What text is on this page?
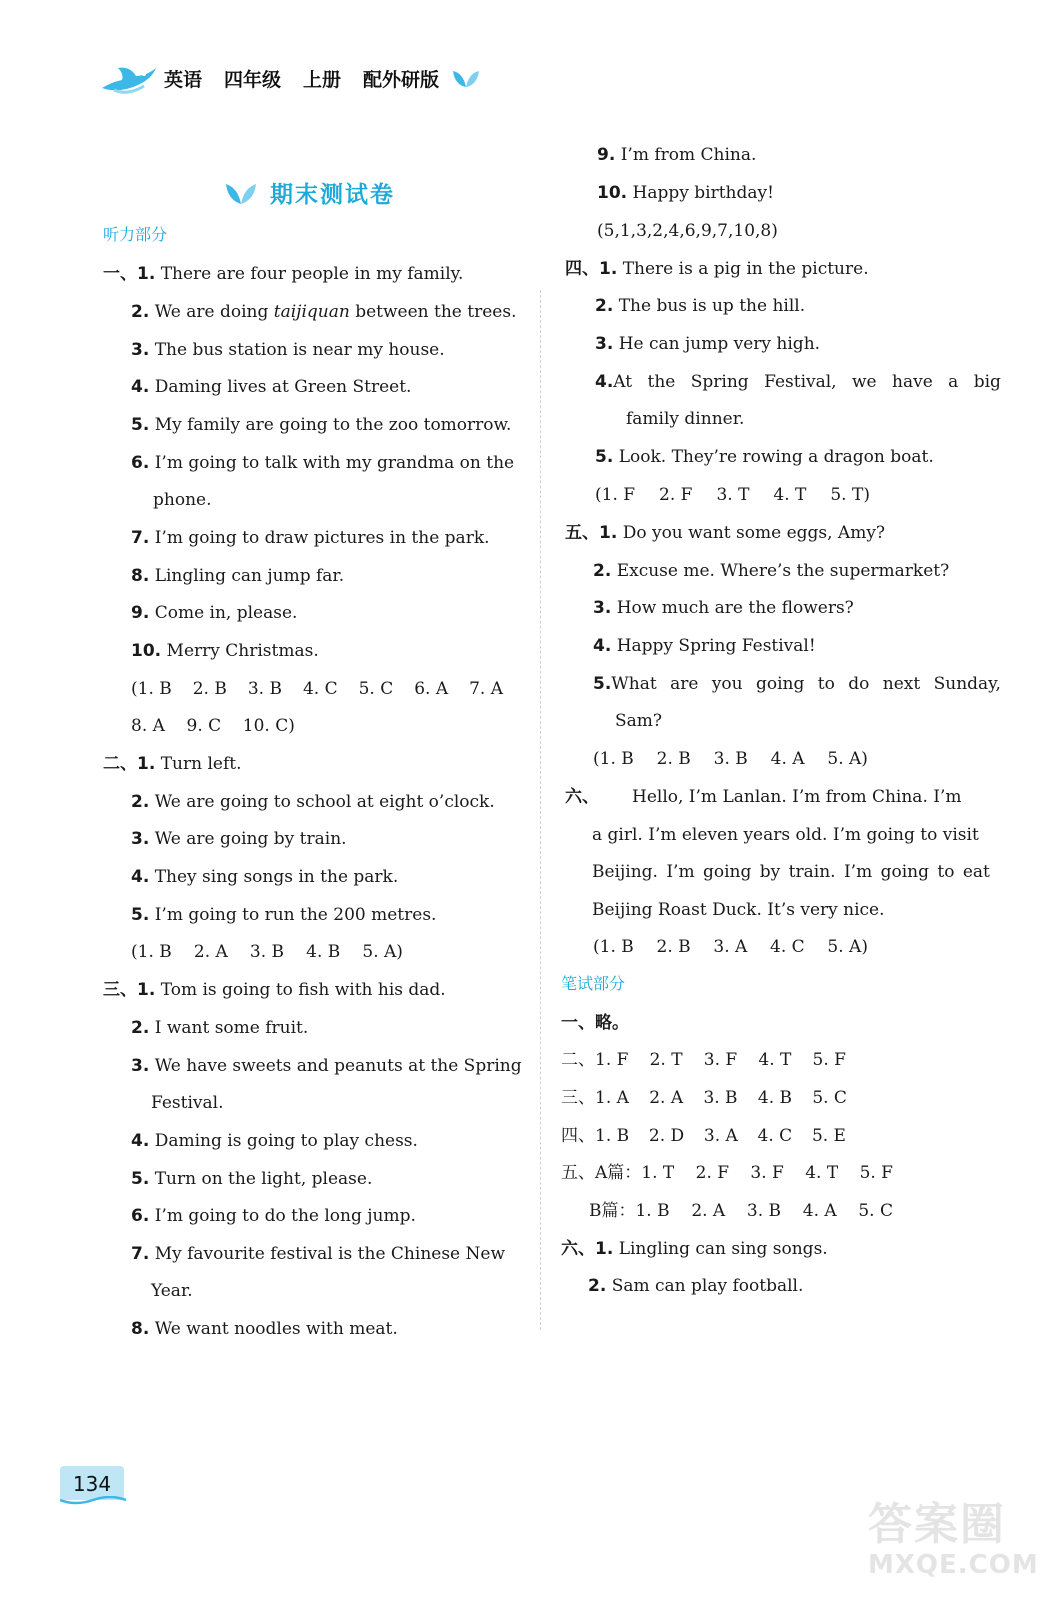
英语 四年级 上册 配外研版
期末测试卷
听力部分
一、1. There are four people in my family.
2. We are doing taijiquan between the trees.
3. The bus station is near my house.
4. Daming lives at Green Street.
5. My family are going to the zoo tomorrow.
6. I’m going to talk with my grandma on the
phone.
7. I’m going to draw pictures in the park.
8. Lingling can jump far.
9. Come in, please.
10. Merry Christmas.
(1. B 2. B 3. B 4. C 5. C 6. A 7. A
8. A 9. C 10. C)
二、1. Turn left.
2. We are going to school at eight o’clock.
3. We are going by train.
4. They sing songs in the park.
5. I’m going to run the 200 metres.
(1. B 2. A 3. B 4. B 5. A)
三、1. Tom is going to fish with his dad.
2. I want some fruit.
3. We have sweets and peanuts at the Spring
Festival.
4. Daming is going to play chess.
5. Turn on the light, please.
6. I’m going to do the long jump.
7. My favourite festival is the Chinese New
Year.
8. We want noodles with meat.
9. I’m from China.
10. Happy birthday!
(5,1,3,2,4,6,9,7,10,8)
四、1. There is a pig in the picture.
2. The bus is up the hill.
3. He can jump very high.
4. At the Spring Festival, we have a big
family dinner.
5. Look. They’re rowing a dragon boat.
(1. F 2. F 3. T 4. T 5. T)
五、1. Do you want some eggs, Amy?
2. Excuse me. Where’s the supermarket?
3. How much are the flowers?
4. Happy Spring Festival!
5. What are you going to do next Sunday,
Sam?
(1. B 2. B 3. B 4. A 5. A)
六、 Hello, I’m Lanlan. I’m from China. I’m
a girl. I’m eleven years old. I’m going to visit
Beijing. I’m going by train. I’m going to eat
Beijing Roast Duck. It’s very nice.
(1. B 2. B 3. A 4. C 5. A)
笔试部分
一、略。
二、1. F 2. T 3. F 4. T 5. F
三、1. A 2. A 3. B 4. B 5. C
四、1. B 2. D 3. A 4. C 5. E
五、A篇：1. T 2. F 3. F 4. T 5. F
B篇：1. B 2. A 3. B 4. A 5. C
六、1. Lingling can sing songs.
2. Sam can play football.
134
答案圈
MXQE.COM
